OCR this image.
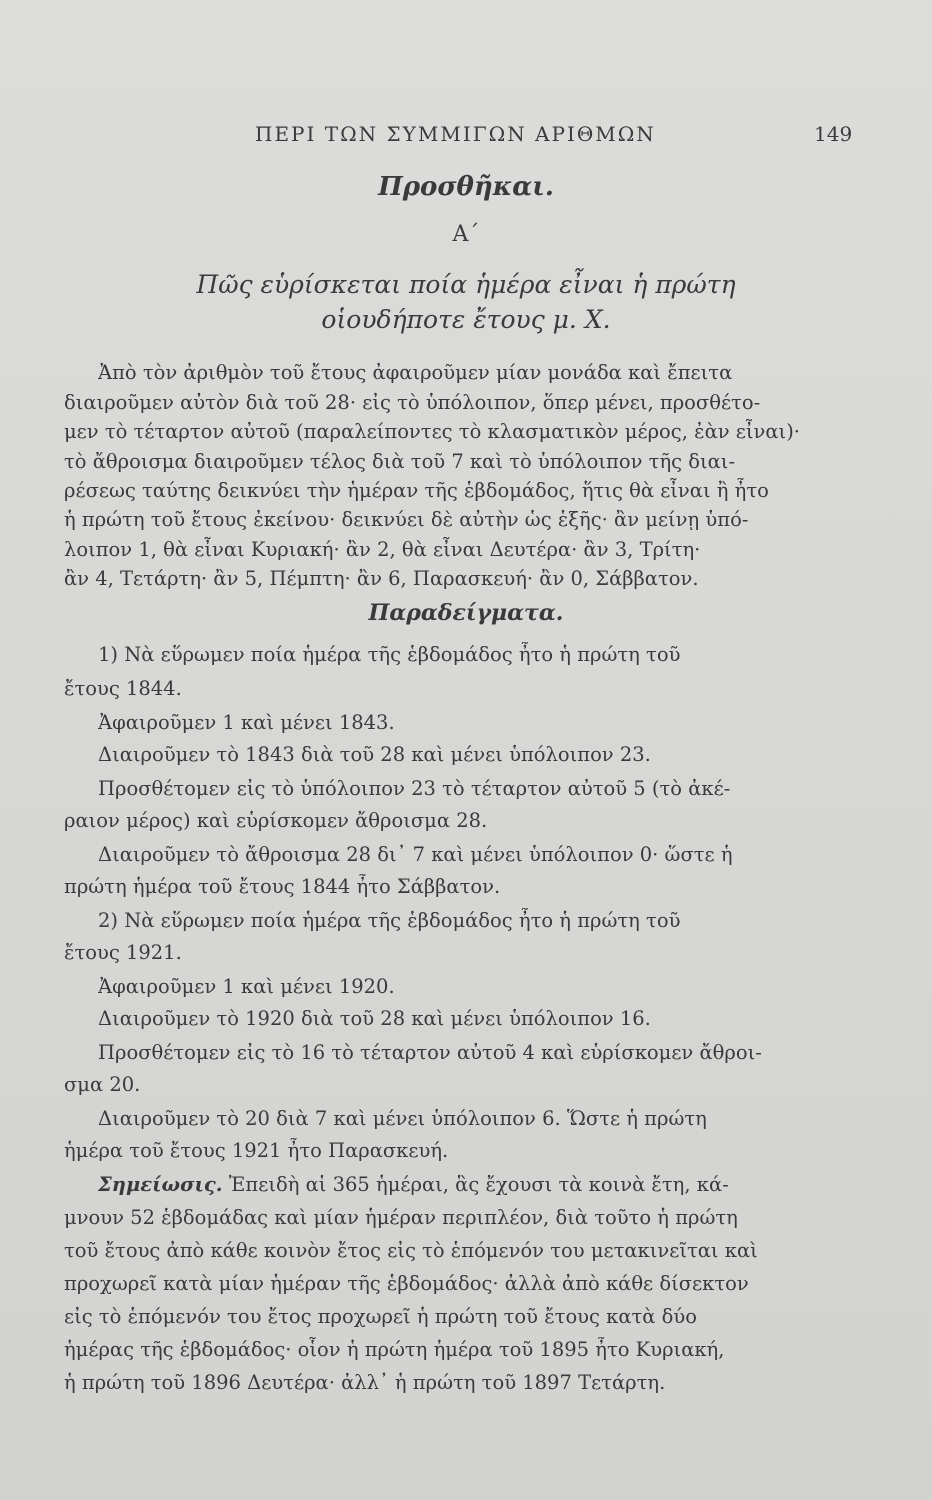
ΠΕΡΙ ΤΩΝ ΣΥΜΜΙΓΩΝ ΑΡΙΘΜΩΝ	149
Προσθῆκαι.
Α΄
Πῶς εὑρίσκεται ποία ἡμέρα εἶναι ἡ πρώτη
οἱουδήποτε ἔτους μ. Χ.
Ἀπὸ τὸν ἀριθμὸν τοῦ ἔτους ἀφαιροῦμεν μίαν μονάδα καὶ ἔπειτα
διαιροῦμεν αὐτὸν διὰ τοῦ 28· εἰς τὸ ὑπόλοιπον, ὅπερ μένει, προσθέτο-
μεν τὸ τέταρτον αὐτοῦ (παραλείποντες τὸ κλασματικὸν μέρος, ἐὰν εἶναι)·
τὸ ἄθροισμα διαιροῦμεν τέλος διὰ τοῦ 7 καὶ τὸ ὑπόλοιπον τῆς διαι-
ρέσεως ταύτης δεικνύει τὴν ἡμέραν τῆς ἑβδομάδος, ἥτις θὰ εἶναι ἢ ἦτο
ἡ πρώτη τοῦ ἔτους ἐκείνου· δεικνύει δὲ αὐτὴν ὡς ἑξῆς· ἂν μείνῃ ὑπό-
λοιπον 1, θὰ εἶναι Κυριακή· ἂν 2, θὰ εἶναι Δευτέρα· ἂν 3, Τρίτη·
ἂν 4, Τετάρτη· ἂν 5, Πέμπτη· ἂν 6, Παρασκευή· ἂν 0, Σάββατον.
Παραδείγματα.
1) Νὰ εὕρωμεν ποία ἡμέρα τῆς ἑβδομάδος ἦτο ἡ πρώτη τοῦ
ἔτους 1844.
Ἀφαιροῦμεν 1 καὶ μένει 1843.
Διαιροῦμεν τὸ 1843 διὰ τοῦ 28 καὶ μένει ὑπόλοιπον 23.
Προσθέτομεν εἰς τὸ ὑπόλοιπον 23 τὸ τέταρτον αὐτοῦ 5 (τὸ ἀκέ-
ραιον μέρος) καὶ εὑρίσκομεν ἄθροισμα 28.
Διαιροῦμεν τὸ ἄθροισμα 28 δι᾽ 7 καὶ μένει ὑπόλοιπον 0· ὥστε ἡ
πρώτη ἡμέρα τοῦ ἔτους 1844 ἦτο Σάββατον.
2) Νὰ εὕρωμεν ποία ἡμέρα τῆς ἑβδομάδος ἦτο ἡ πρώτη τοῦ
ἔτους 1921.
Ἀφαιροῦμεν 1 καὶ μένει 1920.
Διαιροῦμεν τὸ 1920 διὰ τοῦ 28 καὶ μένει ὑπόλοιπον 16.
Προσθέτομεν εἰς τὸ 16 τὸ τέταρτον αὐτοῦ 4 καὶ εὑρίσκομεν ἄθροι-
σμα 20.
Διαιροῦμεν τὸ 20 διὰ 7 καὶ μένει ὑπόλοιπον 6. Ὥστε ἡ πρώτη
ἡμέρα τοῦ ἔτους 1921 ἦτο Παρασκευή.
Σημείωσις. Ἐπειδὴ αἱ 365 ἡμέραι, ἃς ἔχουσι τὰ κοινὰ ἔτη, κά-
μνουν 52 ἑβδομάδας καὶ μίαν ἡμέραν περιπλέον, διὰ τοῦτο ἡ πρώτη
τοῦ ἔτους ἀπὸ κάθε κοινὸν ἔτος εἰς τὸ ἑπόμενόν του μετακινεῖται καὶ
προχωρεῖ κατὰ μίαν ἡμέραν τῆς ἑβδομάδος· ἀλλὰ ἀπὸ κάθε δίσεκτον
εἰς τὸ ἑπόμενόν του ἔτος προχωρεῖ ἡ πρώτη τοῦ ἔτους κατὰ δύο
ἡμέρας τῆς ἑβδομάδος· οἷον ἡ πρώτη ἡμέρα τοῦ 1895 ἦτο Κυριακή,
ἡ πρώτη τοῦ 1896 Δευτέρα· ἀλλ᾽ ἡ πρώτη τοῦ 1897 Τετάρτη.
